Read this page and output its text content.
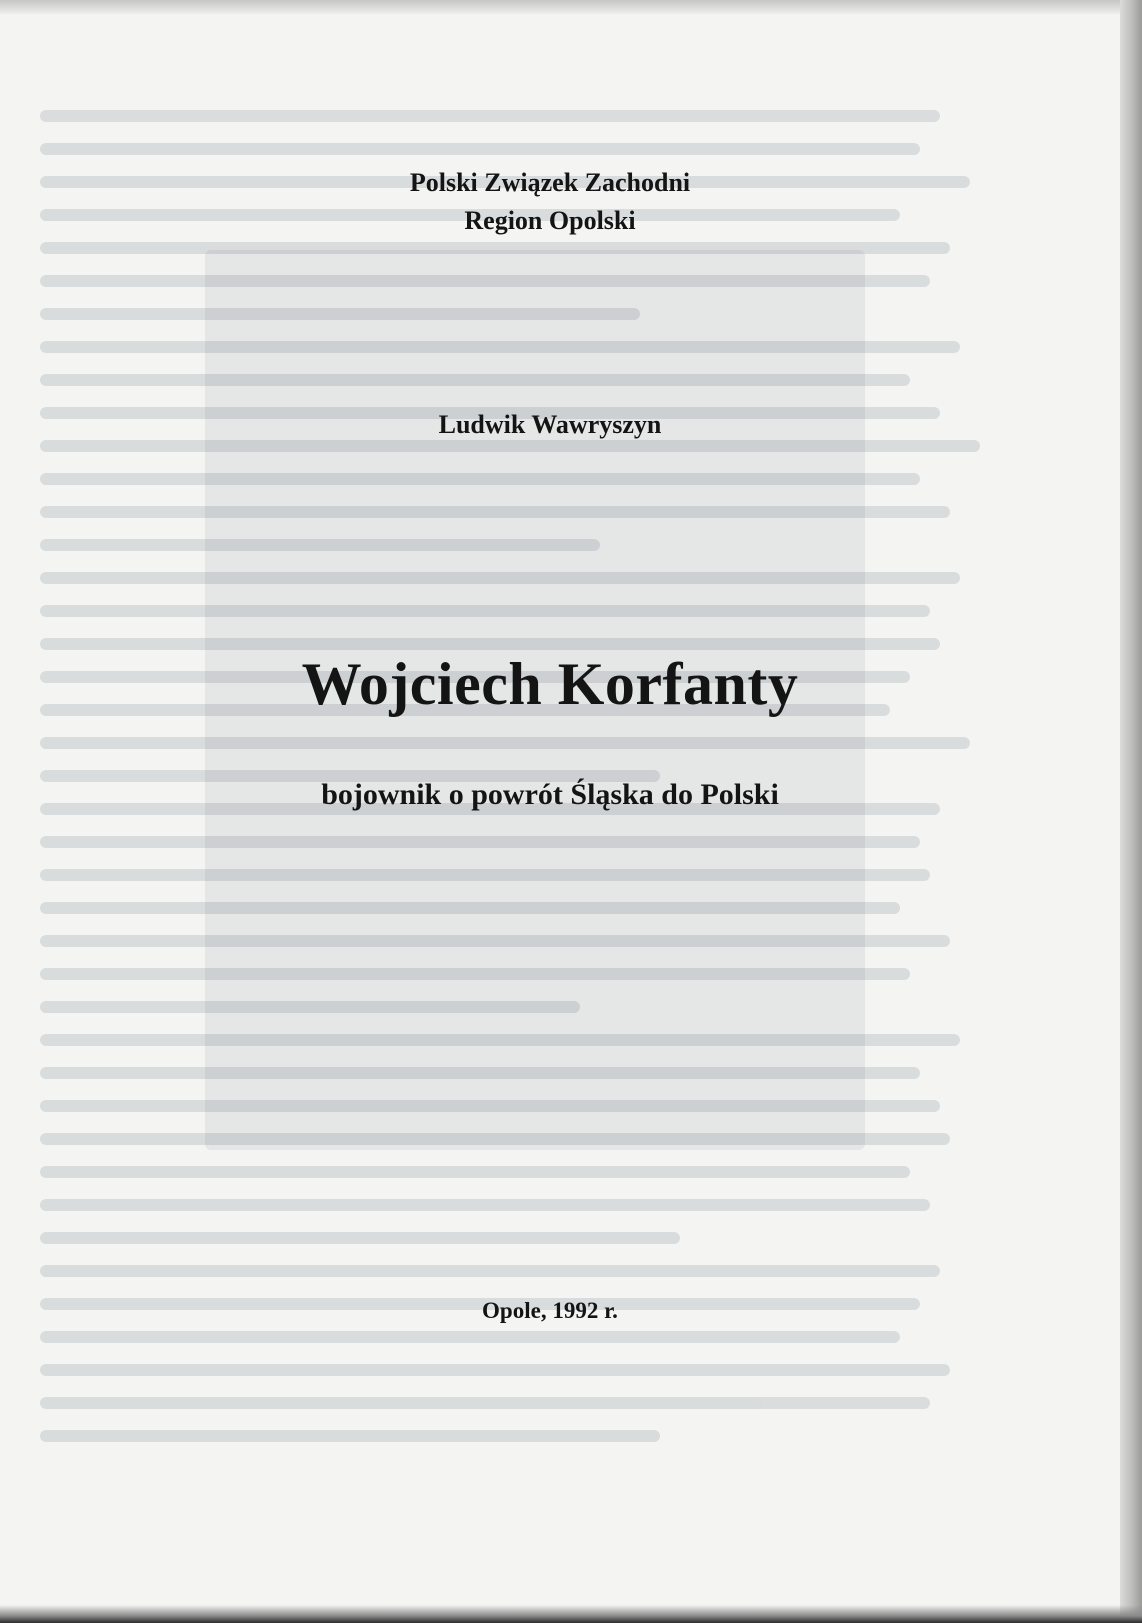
Polski Związek Zachodni

Region Opolski

Ludwik Wawryszyn

Wojciech Korfanty
bojownik o powrót Śląska do Polski

Opole, 1992 r.
